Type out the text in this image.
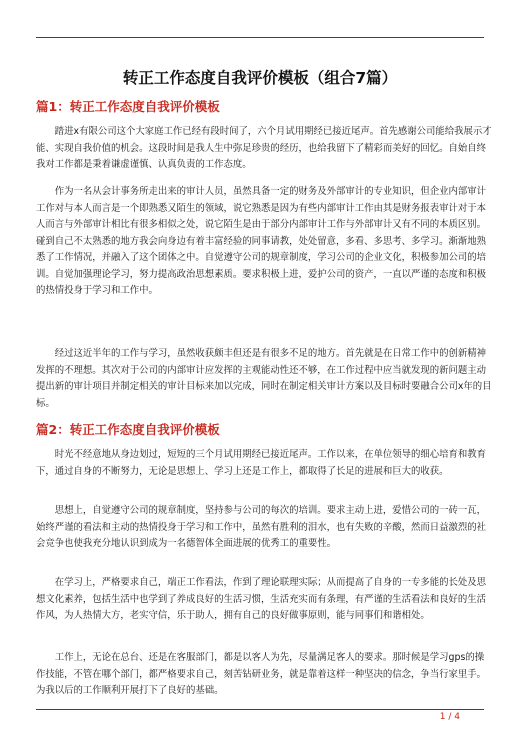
转正工作态度自我评价模板（组合7篇）
篇1：转正工作态度自我评价模板

踏进x有限公司这个大家庭工作已经有段时间了，六个月试用期经已接近尾声。首先感谢公司能给我展示才能、实现自我价值的机会。这段时间是我人生中弥足珍贵的经历，也给我留下了精彩而美好的回忆。自始自终我对工作都是秉着谦虚谨慎、认真负责的工作态度。

作为一名从会计事务所走出来的审计人员，虽然具备一定的财务及外部审计的专业知识，但企业内部审计工作对与本人而言是一个即熟悉又陌生的领域，说它熟悉是因为有些内部审计工作由其是财务报表审计对于本人而言与外部审计相比有很多相似之处，说它陌生是由于部分内部审计工作与外部审计又有不同的本质区别。碰到自己不太熟悉的地方我会向身边有着丰富经验的同事请教，处处留意，多看、多思考、多学习。渐渐地熟悉了工作情况，并融入了这个团体之中。自觉遵守公司的规章制度，学习公司的企业文化，积极参加公司的培训。自觉加强理论学习，努力提高政治思想素质。要求积极上进，爱护公司的资产，一直以严谨的态度和积极的热情投身于学习和工作中。

经过这近半年的工作与学习，虽然收获颇丰但还是有很多不足的地方。首先就是在日常工作中的创新精神发挥的不理想。其次对于公司的内部审计应发挥的主观能动性还不够，在工作过程中应当就发现的新问题主动提出新的审计项目并制定相关的审计目标来加以完成，同时在制定相关审计方案以及目标时要融合公司x年的目标。

篇2：转正工作态度自我评价模板

时光不经意地从身边划过，短短的三个月试用期经已接近尾声。工作以来，在单位领导的细心培育和教育下，通过自身的不断努力，无论是思想上、学习上还是工作上，都取得了长足的进展和巨大的收获。

思想上，自觉遵守公司的规章制度，坚持参与公司的每次的培训。要求主动上进，爱惜公司的一砖一瓦，始终严谨的看法和主动的热情投身于学习和工作中，虽然有胜利的泪水，也有失败的辛酸，然而日益激烈的社会竞争也使我充分地认识到成为一名德智体全面进展的优秀工的重要性。

在学习上，严格要求自己，端正工作看法，作到了理论联理实际；从而提高了自身的一专多能的长处及思想文化素养，包括生活中也学到了养成良好的生活习惯，生活充实而有条理，有严谨的生活看法和良好的生活作风，为人热情大方，老实守信，乐于助人，拥有自己的良好做事原则，能与同事们和谐相处。

工作上，无论在总台、还是在客服部门，都是以客人为先，尽量满足客人的要求。那时候是学习gps的操作技能，不管在哪个部门，都严格要求自己，刻苦钻研业务，就是靠着这样一种坚决的信念，争当行家里手。为我以后的工作顺利开展打下了良好的基础。

1 / 4
